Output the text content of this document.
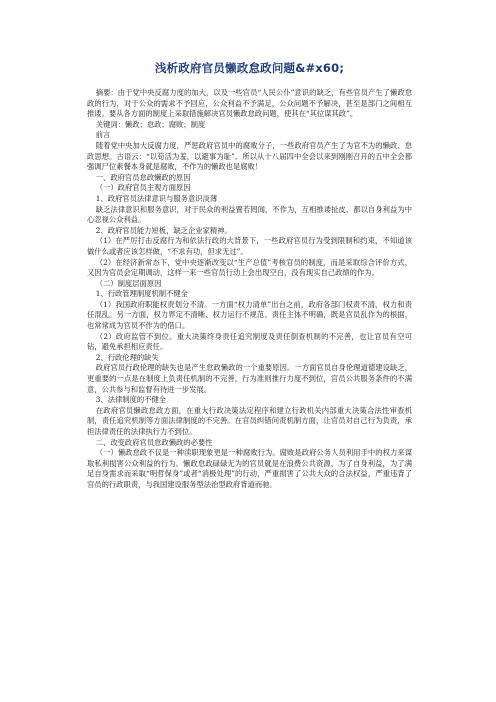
浅析政府官员懒政怠政问题&#x60;

摘要：由于党中央反腐力度的加大，以及一些官员“人民公仆”意识的缺乏，有些官员产生了懒政怠政的行为，对于公众的需求不予回应，公众利益不予满足，公众问题不予解决，甚至是部门之间相互推诿。要从各方面的制度上采取措施解决官员懒政怠政问题，使其在“其位谋其政”。

关键词：懒政；怠政；腐败；制度

前言

随着党中央加大反腐力度，严惩政府官员中的腐败分子，一些政府官员产生了为官不为的懒政、怠政思想。古语云：“以苟活为羞，以避事为耻”。所以从十八届四中全会以来到刚刚召开的五中全会都强调尸位素餐本身就是腐败，不作为的懒政也是腐败！

一、政府官员怠政懒政的原因

（一）政府官员主观方面原因

1、政府官员法律意识与服务意识淡薄

缺乏法律意识和服务意识，对于民众的利益置若罔闻，不作为，互相推诿扯皮，都以自身利益为中心忽视公众利益。

2、政府官员能力短板，缺乏企业家精神。

（1）在严厉打击反腐行为和依法行政的大背景下，一些政府官员行为受到限制和约束，不知道该做什么或者应该怎样做，“不求有功，但求无过”。

（2）在经济新常态下，党中央逐渐改变以“生产总值”考核官员的制度，而是采取综合评价方式，又因为官员会定期调动，这样一来一些官员行动上会出现空白，没有现实自己政绩的作为。

（二）制度层面原因

1、行政管理制度机制不健全

（1）我国政府职能权责划分不清。一方面“权力清单”出台之前，政府各部门权责不清，权力和责任混乱。另一方面，权力界定不清晰、权力运行不规范、责任主体不明确，既是官员乱作为的根据，也常常成为官员不作为的借口。

（2）政府监管不到位。重大决策终身责任追究制度及责任倒查机制的不完善，也让官员有空可钻，避免承担相应责任。

2、行政伦理的缺失

政府官员行政伦理的缺失也是产生怠政懒政的一个重要原因。一方面官员自身伦理道德建设缺乏，更重要的一点是在制度上负责任机制的不完善，行为准则推行力度不到位，官员公共服务条件的不满意，公共参与和监督有待进一步发展。

3、法律制度的不健全

在政府官员懒政怠政方面，在重大行政决策法定程序和建立行政机关内部重大决策合法性审查机制，责任追究机制等方面法律制度的不完善。在官员纠错问责机制方面，让官员对自己行为负责，承担法律责任的法律执行力不到位。

二、改变政府官员怠政懒政的必要性

（一）懒政怠政不仅是一种渎职现象更是一种腐败行为。腐败是政府公务人员利用手中的权力来谋取私利损害公众利益的行为。懒政怠政碌碌无为的官员就是在浪费公共资源，为了自身利益，为了满足自身需求而采取“明哲保身”或者“消极处理”的行动，严重损害了公共大众的合法权益，严重违背了官员的行政职责，与我国建设服务型法治型政府背道而驰。
